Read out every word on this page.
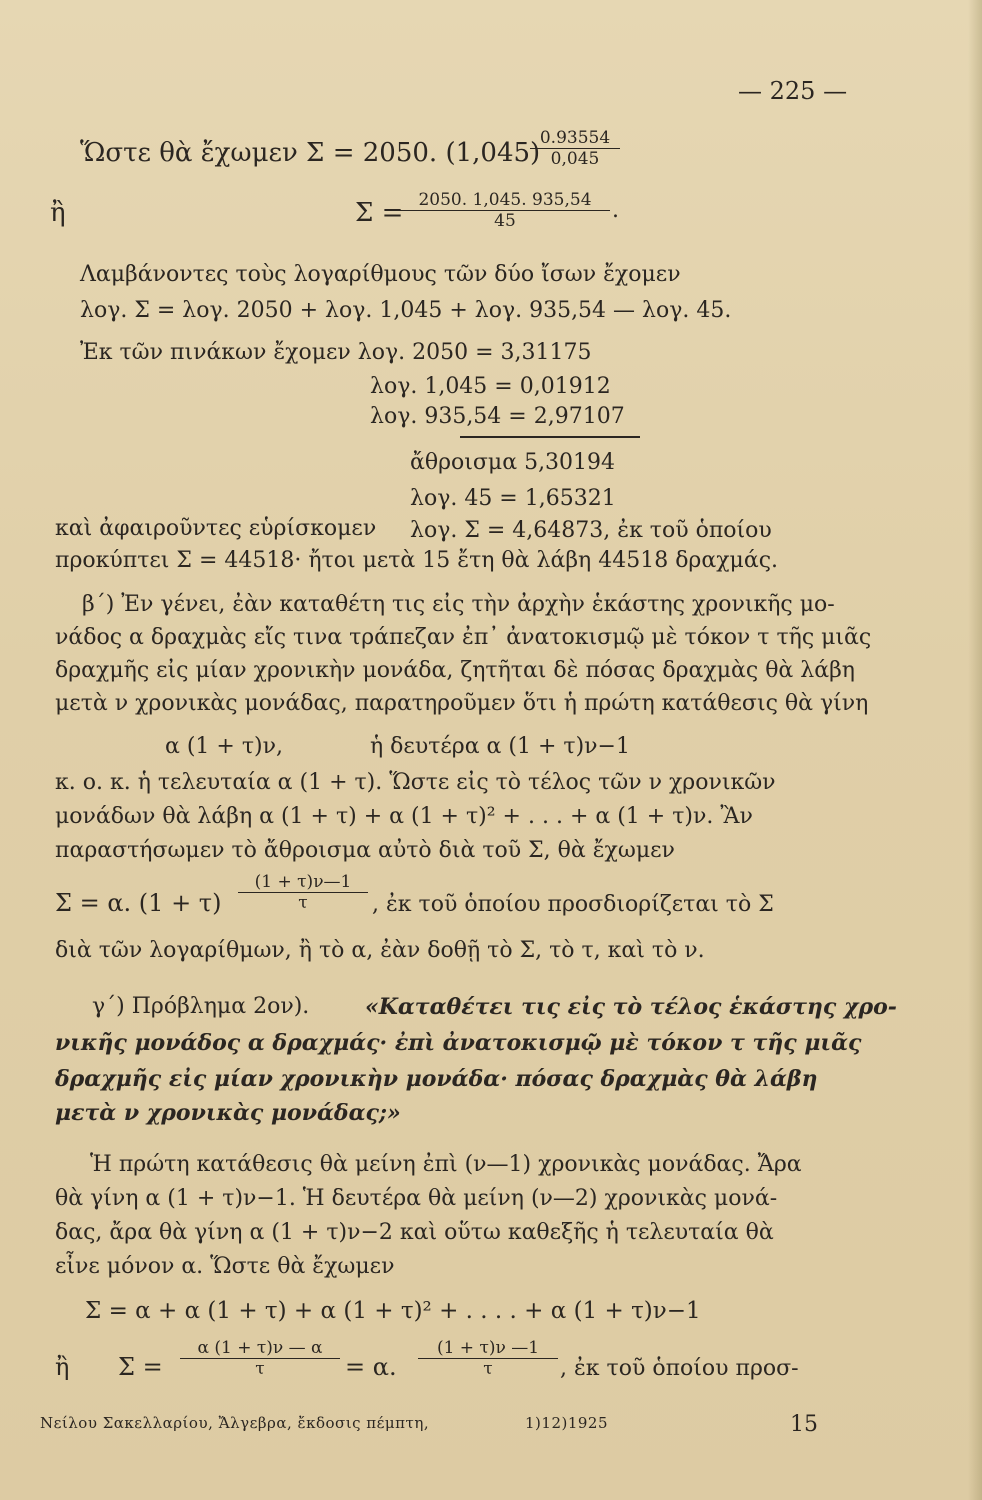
— 225 —
Ὥστε θὰ ἔχωμεν Σ = 2050. (1,045) 0.93554
0,045
ἢ	Σ = 2050. 1,045. 935,54
45	.
Λαμβάνοντες τοὺς λογαρίθμους τῶν δύο ἴσων ἔχομεν
λογ. Σ = λογ. 2050 + λογ. 1,045 + λογ. 935,54 — λογ. 45.
Ἐκ τῶν πινάκων ἔχομεν λογ. 2050 = 3,31175
λογ. 1,045 = 0,01912
λογ. 935,54 = 2,97107
ἄθροισμα 5,30194
λογ. 45 = 1,65321
καὶ ἀφαιροῦντες εὑρίσκομεν λογ. Σ = 4,64873, ἐκ τοῦ ὁποίου
προκύπτει Σ = 44518· ἤτοι μετὰ 15 ἔτη θὰ λάβη 44518 δραχμάς.
β΄) Ἐν γένει, ἐὰν καταθέτη τις εἰς τὴν ἀρχὴν ἑκάστης χρονικῆς μο-
νάδος α δραχμὰς εἴς τινα τράπεζαν ἐπ᾽ ἀνατοκισμῷ μὲ τόκον τ τῆς μιᾶς
δραχμῆς εἰς μίαν χρονικὴν μονάδα, ζητῆται δὲ πόσας δραχμὰς θὰ λάβη
μετὰ ν χρονικὰς μονάδας, παρατηροῦμεν ὅτι ἡ πρώτη κατάθεσις θὰ γίνη
α (1 + τ)ν,	ἡ δευτέρα α (1 + τ)ν−1
κ. ο. κ. ἡ τελευταία α (1 + τ). Ὥστε εἰς τὸ τέλος τῶν ν χρονικῶν
μονάδων θὰ λάβη α (1 + τ) + α (1 + τ)² + . . . + α (1 + τ)ν. Ἂν
παραστήσωμεν τὸ ἄθροισμα αὐτὸ διὰ τοῦ Σ, θὰ ἔχωμεν
Σ = α. (1 + τ)
(1 + τ)ν—1
τ	, ἐκ τοῦ ὁποίου προσδιορίζεται τὸ Σ
διὰ τῶν λογαρίθμων, ἢ τὸ α, ἐὰν δοθῇ τὸ Σ, τὸ τ, καὶ τὸ ν.
γ΄) Πρόβλημα 2ον).	«Καταθέτει τις εἰς τὸ τέλος ἑκάστης χρο-
νικῆς μονάδος α δραχμάς· ἐπὶ ἀνατοκισμῷ μὲ τόκον τ τῆς μιᾶς
δραχμῆς εἰς μίαν χρονικὴν μονάδα· πόσας δραχμὰς θὰ λάβη
μετὰ ν χρονικὰς μονάδας;»
Ἡ πρώτη κατάθεσις θὰ μείνη ἐπὶ (ν—1) χρονικὰς μονάδας. Ἄρα
θὰ γίνη α (1 + τ)ν−1. Ἡ δευτέρα θὰ μείνη (ν—2) χρονικὰς μονά-
δας, ἄρα θὰ γίνη α (1 + τ)ν−2 καὶ οὕτω καθεξῆς ἡ τελευταία θὰ
εἶνε μόνον α. Ὥστε θὰ ἔχωμεν
Σ = α + α (1 + τ) + α (1 + τ)² + . . . . + α (1 + τ)ν−1
ἢ Σ =
α (1 + τ)ν — α
τ	= α.
(1 + τ)ν —1
τ	, ἐκ τοῦ ὁποίου προσ-
Νείλου Σακελλαρίου, Ἄλγεβρα, ἔκδοσις πέμπτη,	1)12)1925	15
